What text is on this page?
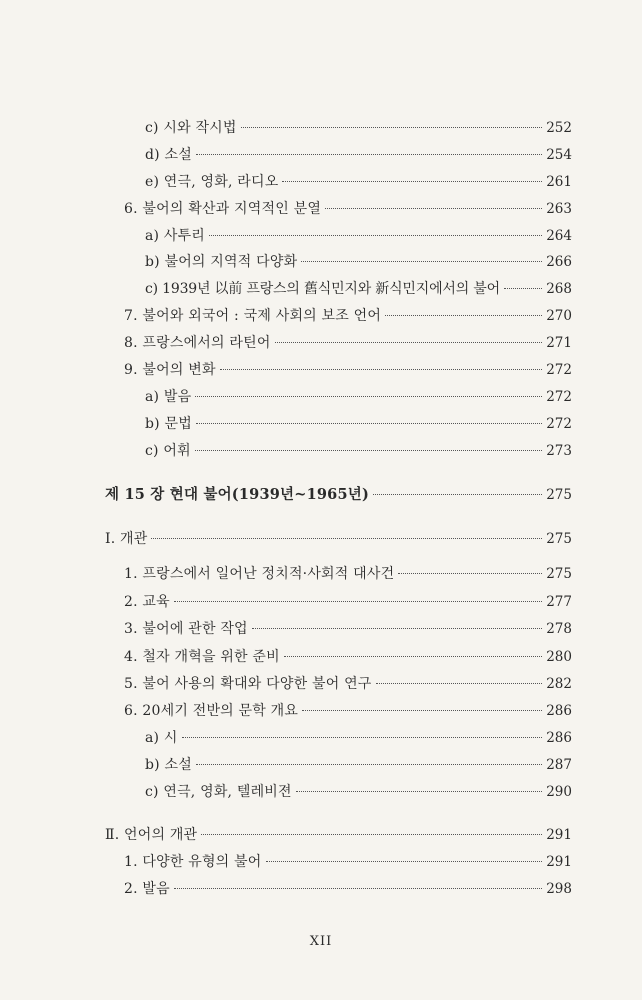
c) 시와 작시법	252
d) 소설	254
e) 연극, 영화, 라디오	261
6. 불어의 확산과 지역적인 분열	263
a) 사투리	264
b) 불어의 지역적 다양화	266
c) 1939년 以前 프랑스의 舊식민지와 新식민지에서의 불어	268
7. 불어와 외국어 : 국제 사회의 보조 언어	270
8. 프랑스에서의 라틴어	271
9. 불어의 변화	272
a) 발음	272
b) 문법	272
c) 어휘	273
제 15 장 현대 불어(1939년~1965년)	275
Ⅰ. 개관	275
1. 프랑스에서 일어난 정치적·사회적 대사건	275
2. 교육	277
3. 불어에 관한 작업	278
4. 철자 개혁을 위한 준비	280
5. 불어 사용의 확대와 다양한 불어 연구	282
6. 20세기 전반의 문학 개요	286
a) 시	286
b) 소설	287
c) 연극, 영화, 텔레비젼	290
Ⅱ. 언어의 개관	291
1. 다양한 유형의 불어	291
2. 발음	298
XII
